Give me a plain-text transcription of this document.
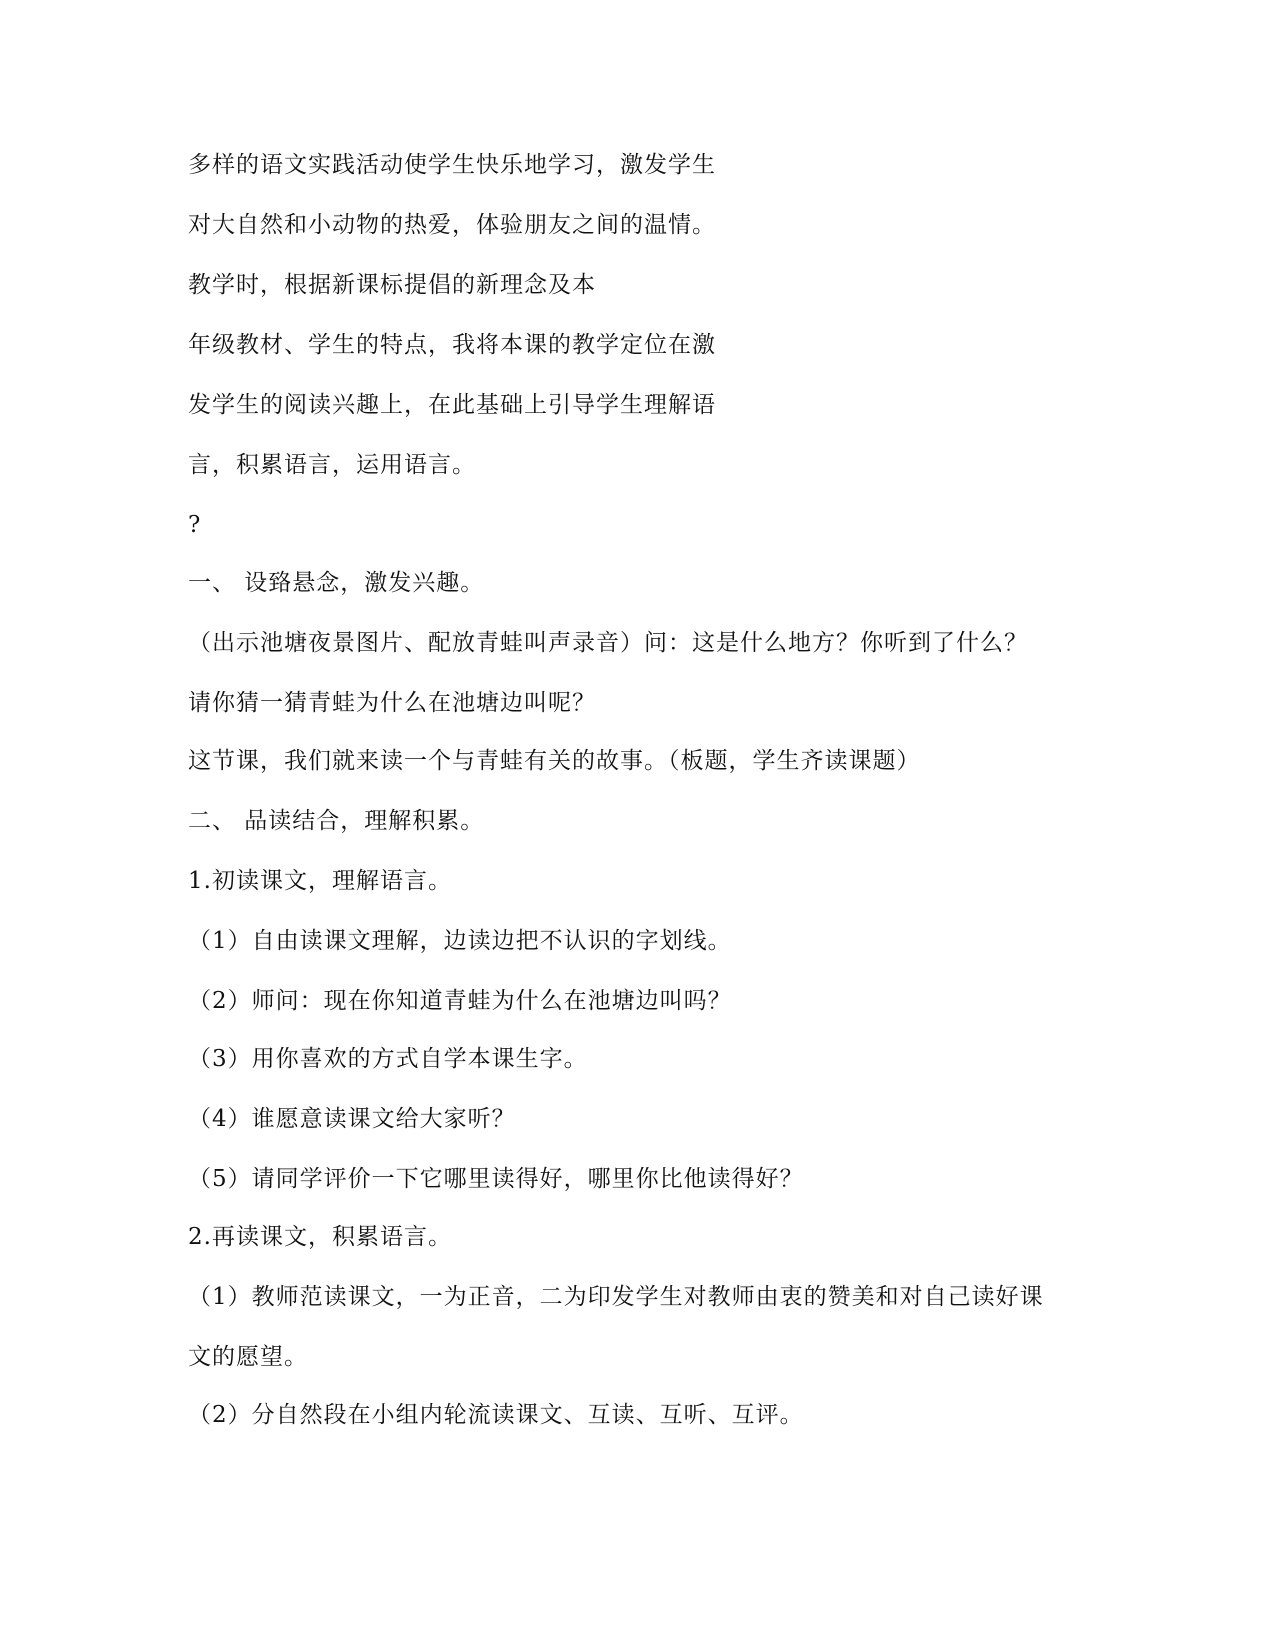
多样的语文实践活动使学生快乐地学习，激发学生
对大自然和小动物的热爱，体验朋友之间的温情。
教学时，根据新课标提倡的新理念及本
年级教材、学生的特点，我将本课的教学定位在激
发学生的阅读兴趣上，在此基础上引导学生理解语
言，积累语言，运用语言。
?
一、 设臵悬念，激发兴趣。
（出示池塘夜景图片、配放青蛙叫声录音）问：这是什么地方？你听到了什么？
请你猜一猜青蛙为什么在池塘边叫呢？
这节课，我们就来读一个与青蛙有关的故事。（板题，学生齐读课题）
二、 品读结合，理解积累。
1.初读课文，理解语言。
（1）自由读课文理解，边读边把不认识的字划线。
（2）师问：现在你知道青蛙为什么在池塘边叫吗？
（3）用你喜欢的方式自学本课生字。
（4）谁愿意读课文给大家听？
（5）请同学评价一下它哪里读得好，哪里你比他读得好？
2.再读课文，积累语言。
（1）教师范读课文，一为正音，二为印发学生对教师由衷的赞美和对自己读好课
文的愿望。
（2）分自然段在小组内轮流读课文、互读、互听、互评。
